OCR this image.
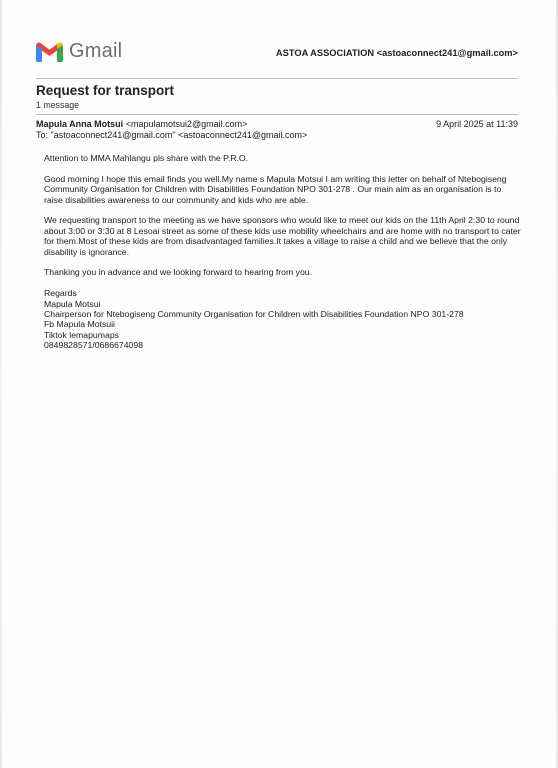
Gmail	ASTOA ASSOCIATION <astoaconnect241@gmail.com>
Request for transport
1 message
Mapula Anna Motsui <mapulamotsui2@gmail.com>	9 April 2025 at 11:39
To: "astoaconnect241@gmail.com" <astoaconnect241@gmail.com>

Attention to MMA Mahlangu pls share with the P.R.O.

Good morning I hope this email finds you well.My name s Mapula Motsui I am writing this letter on behalf of Ntebogiseng Community Organisation for Children with Disabilities Foundation NPO 301-278 . Our main aim as an organisation is to raise disabilities awareness to our community and kids who are able.

We requesting transport to the meeting as we have sponsors who would like to meet our kids on the 11th April 2:30 to round about 3:00 or 3:30 at 8 Lesoai street as some of these kids use mobility wheelchairs and are home with no transport to cater for them.Most of these kids are from disadvantaged families.It takes a village to raise a child and we believe that the only disability is ignorance.

Thanking you in advance and we looking forward to hearing from you.

Regards
Mapula Motsui
Chairperson for Ntebogiseng Community Organisation for Children with Disabilities Foundation NPO 301-278
Fb Mapula Motsuii
Tiktok lemapumaps
0849828571/0686674098
